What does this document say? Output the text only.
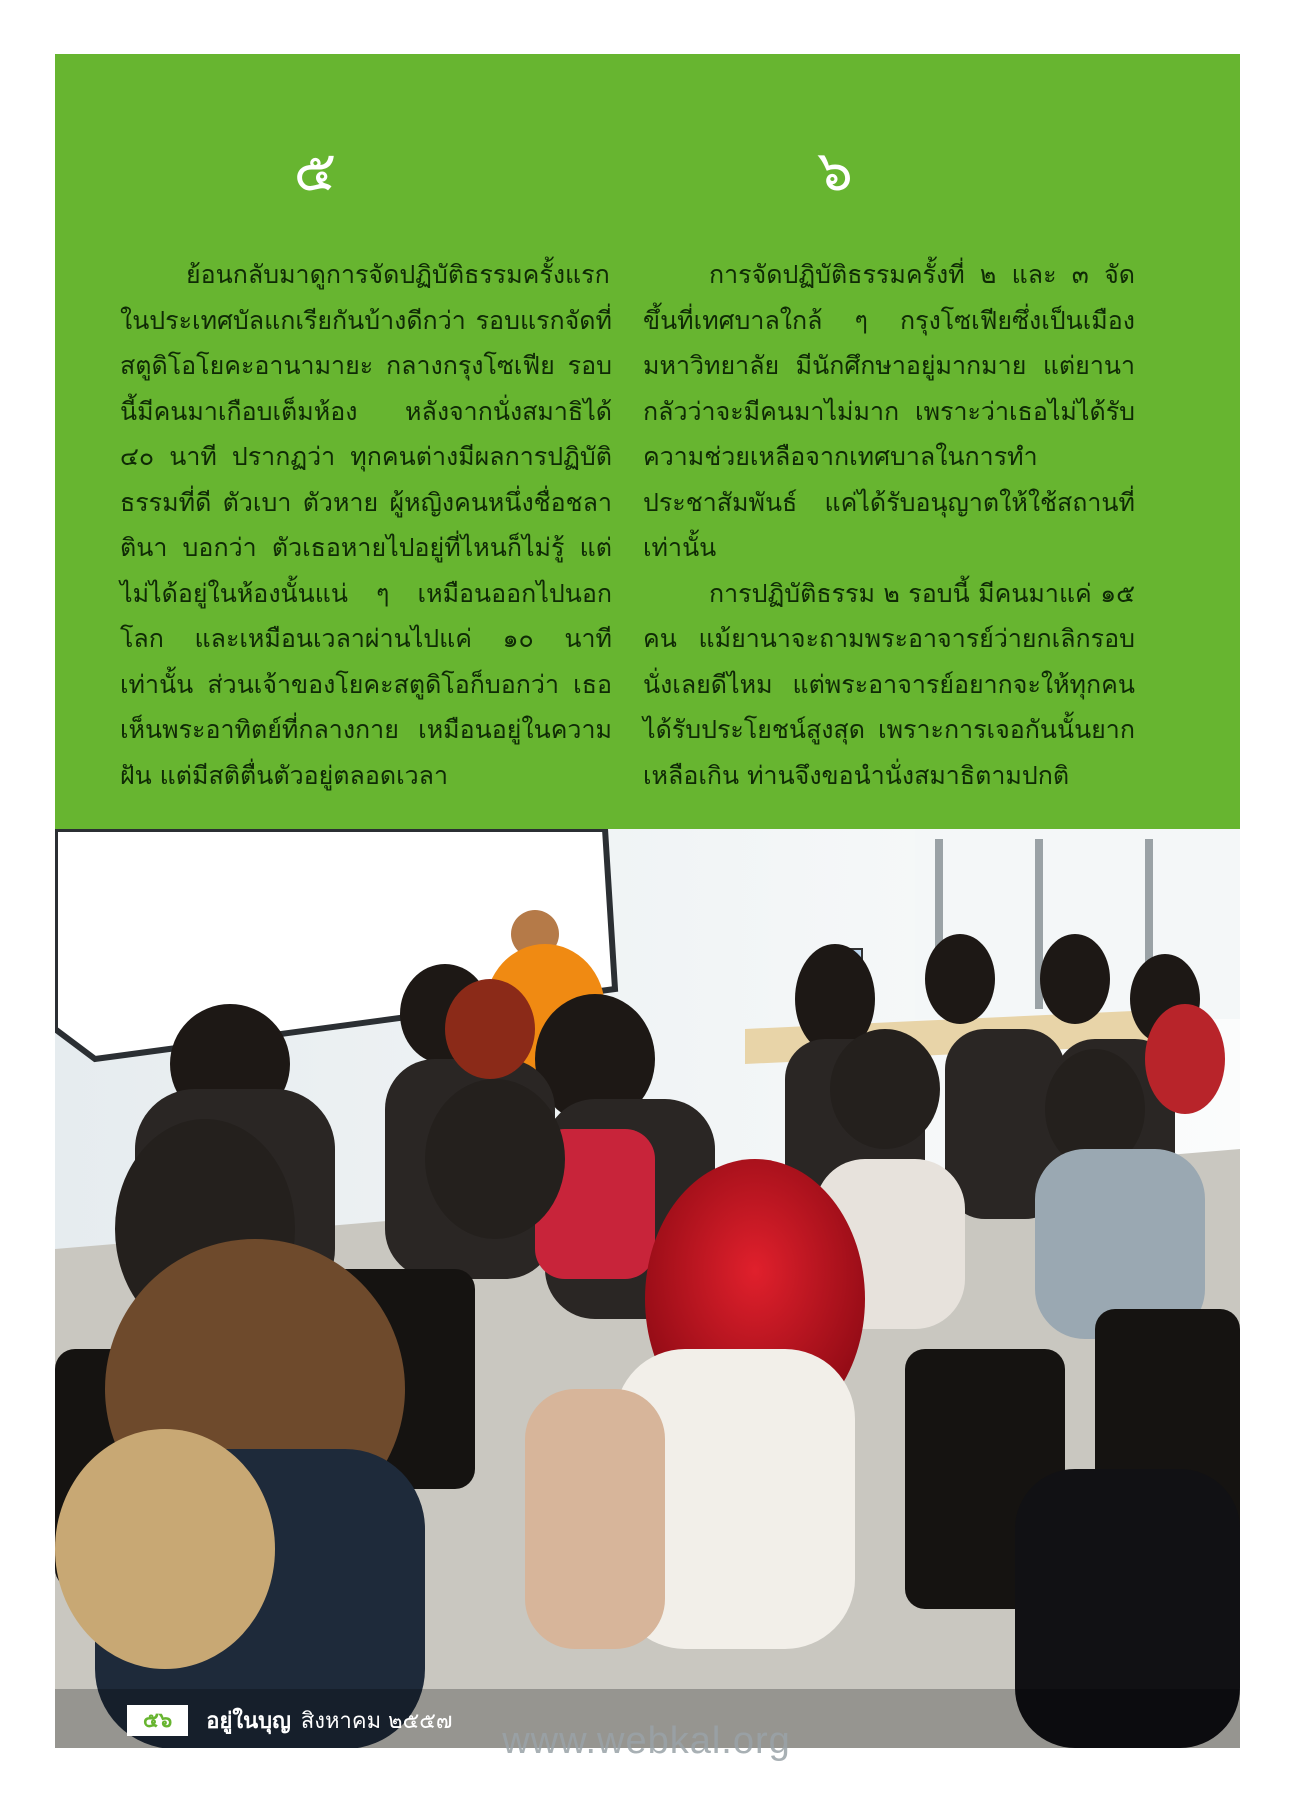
๕	๖

ย้อนกลับมาดูการจัดปฏิบัติธรรมครั้งแรกในประเทศบัลแกเรียกันบ้างดีกว่า รอบแรกจัดที่สตูดิโอโยคะอานามายะ กลางกรุงโซเฟีย รอบนี้มีคนมาเกือบเต็มห้อง หลังจากนั่งสมาธิได้ ๔๐ นาที ปรากฏว่า ทุกคนต่างมีผลการปฏิบัติธรรมที่ดี ตัวเบา ตัวหาย ผู้หญิงคนหนึ่งชื่อชลาตินา บอกว่า ตัวเธอหายไปอยู่ที่ไหนก็ไม่รู้ แต่ไม่ได้อยู่ในห้องนั้นแน่ ๆ เหมือนออกไปนอกโลก และเหมือนเวลาผ่านไปแค่ ๑๐ นาทีเท่านั้น ส่วนเจ้าของโยคะสตูดิโอก็บอกว่า เธอเห็นพระอาทิตย์ที่กลางกาย เหมือนอยู่ในความฝัน แต่มีสติตื่นตัวอยู่ตลอดเวลา

การจัดปฏิบัติธรรมครั้งที่ ๒ และ ๓ จัดขึ้นที่เทศบาลใกล้ ๆ กรุงโซเฟียซึ่งเป็นเมืองมหาวิทยาลัย มีนักศึกษาอยู่มากมาย แต่ยานากลัวว่าจะมีคนมาไม่มาก เพราะว่าเธอไม่ได้รับความช่วยเหลือจากเทศบาลในการทำประชาสัมพันธ์ แค่ได้รับอนุญาตให้ใช้สถานที่เท่านั้น

การปฏิบัติธรรม ๒ รอบนี้ มีคนมาแค่ ๑๕ คน แม้ยานาจะถามพระอาจารย์ว่ายกเลิกรอบนั่งเลยดีไหม แต่พระอาจารย์อยากจะให้ทุกคนได้รับประโยชน์สูงสุด เพราะการเจอกันนั้นยากเหลือเกิน ท่านจึงขอนำนั่งสมาธิตามปกติ

๕๖	อยู่ในบุญ สิงหาคม ๒๕๕๗	www.webkal.org
